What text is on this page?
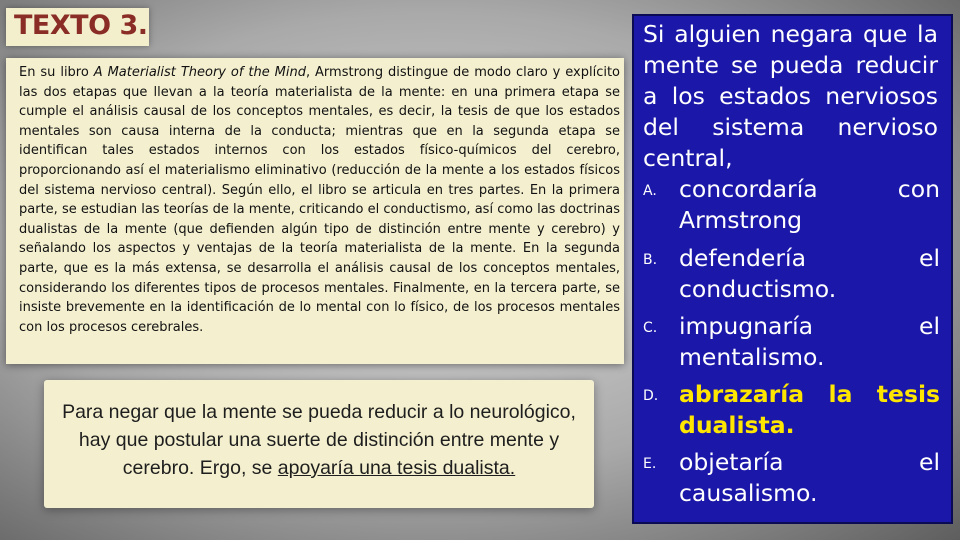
TEXTO 3.

En su libro A Materialist Theory of the Mind, Armstrong distingue de modo claro y explícito las dos etapas que llevan a la teoría materialista de la mente: en una primera etapa se cumple el análisis causal de los conceptos mentales, es decir, la tesis de que los estados mentales son causa interna de la conducta; mientras que en la segunda etapa se identifican tales estados internos con los estados físico-químicos del cerebro, proporcionando así el materialismo eliminativo (reducción de la mente a los estados físicos del sistema nervioso central). Según ello, el libro se articula en tres partes. En la primera parte, se estudian las teorías de la mente, criticando el conductismo, así como las doctrinas dualistas de la mente (que defienden algún tipo de distinción entre mente y cerebro) y señalando los aspectos y ventajas de la teoría materialista de la mente. En la segunda parte, que es la más extensa, se desarrolla el análisis causal de los conceptos mentales, considerando los diferentes tipos de procesos mentales. Finalmente, en la tercera parte, se insiste brevemente en la identificación de lo mental con lo físico, de los procesos mentales con los procesos cerebrales.

Para negar que la mente se pueda reducir a lo neurológico, hay que postular una suerte de distinción entre mente y cerebro. Ergo, se apoyaría una tesis dualista.

Si alguien negara que la mente se pueda reducir a los estados nerviosos del sistema nervioso central,

A. concordaría con Armstrong
B. defendería el conductismo.
C. impugnaría el mentalismo.
D. abrazaría la tesis dualista.
E. objetaría el causalismo.
